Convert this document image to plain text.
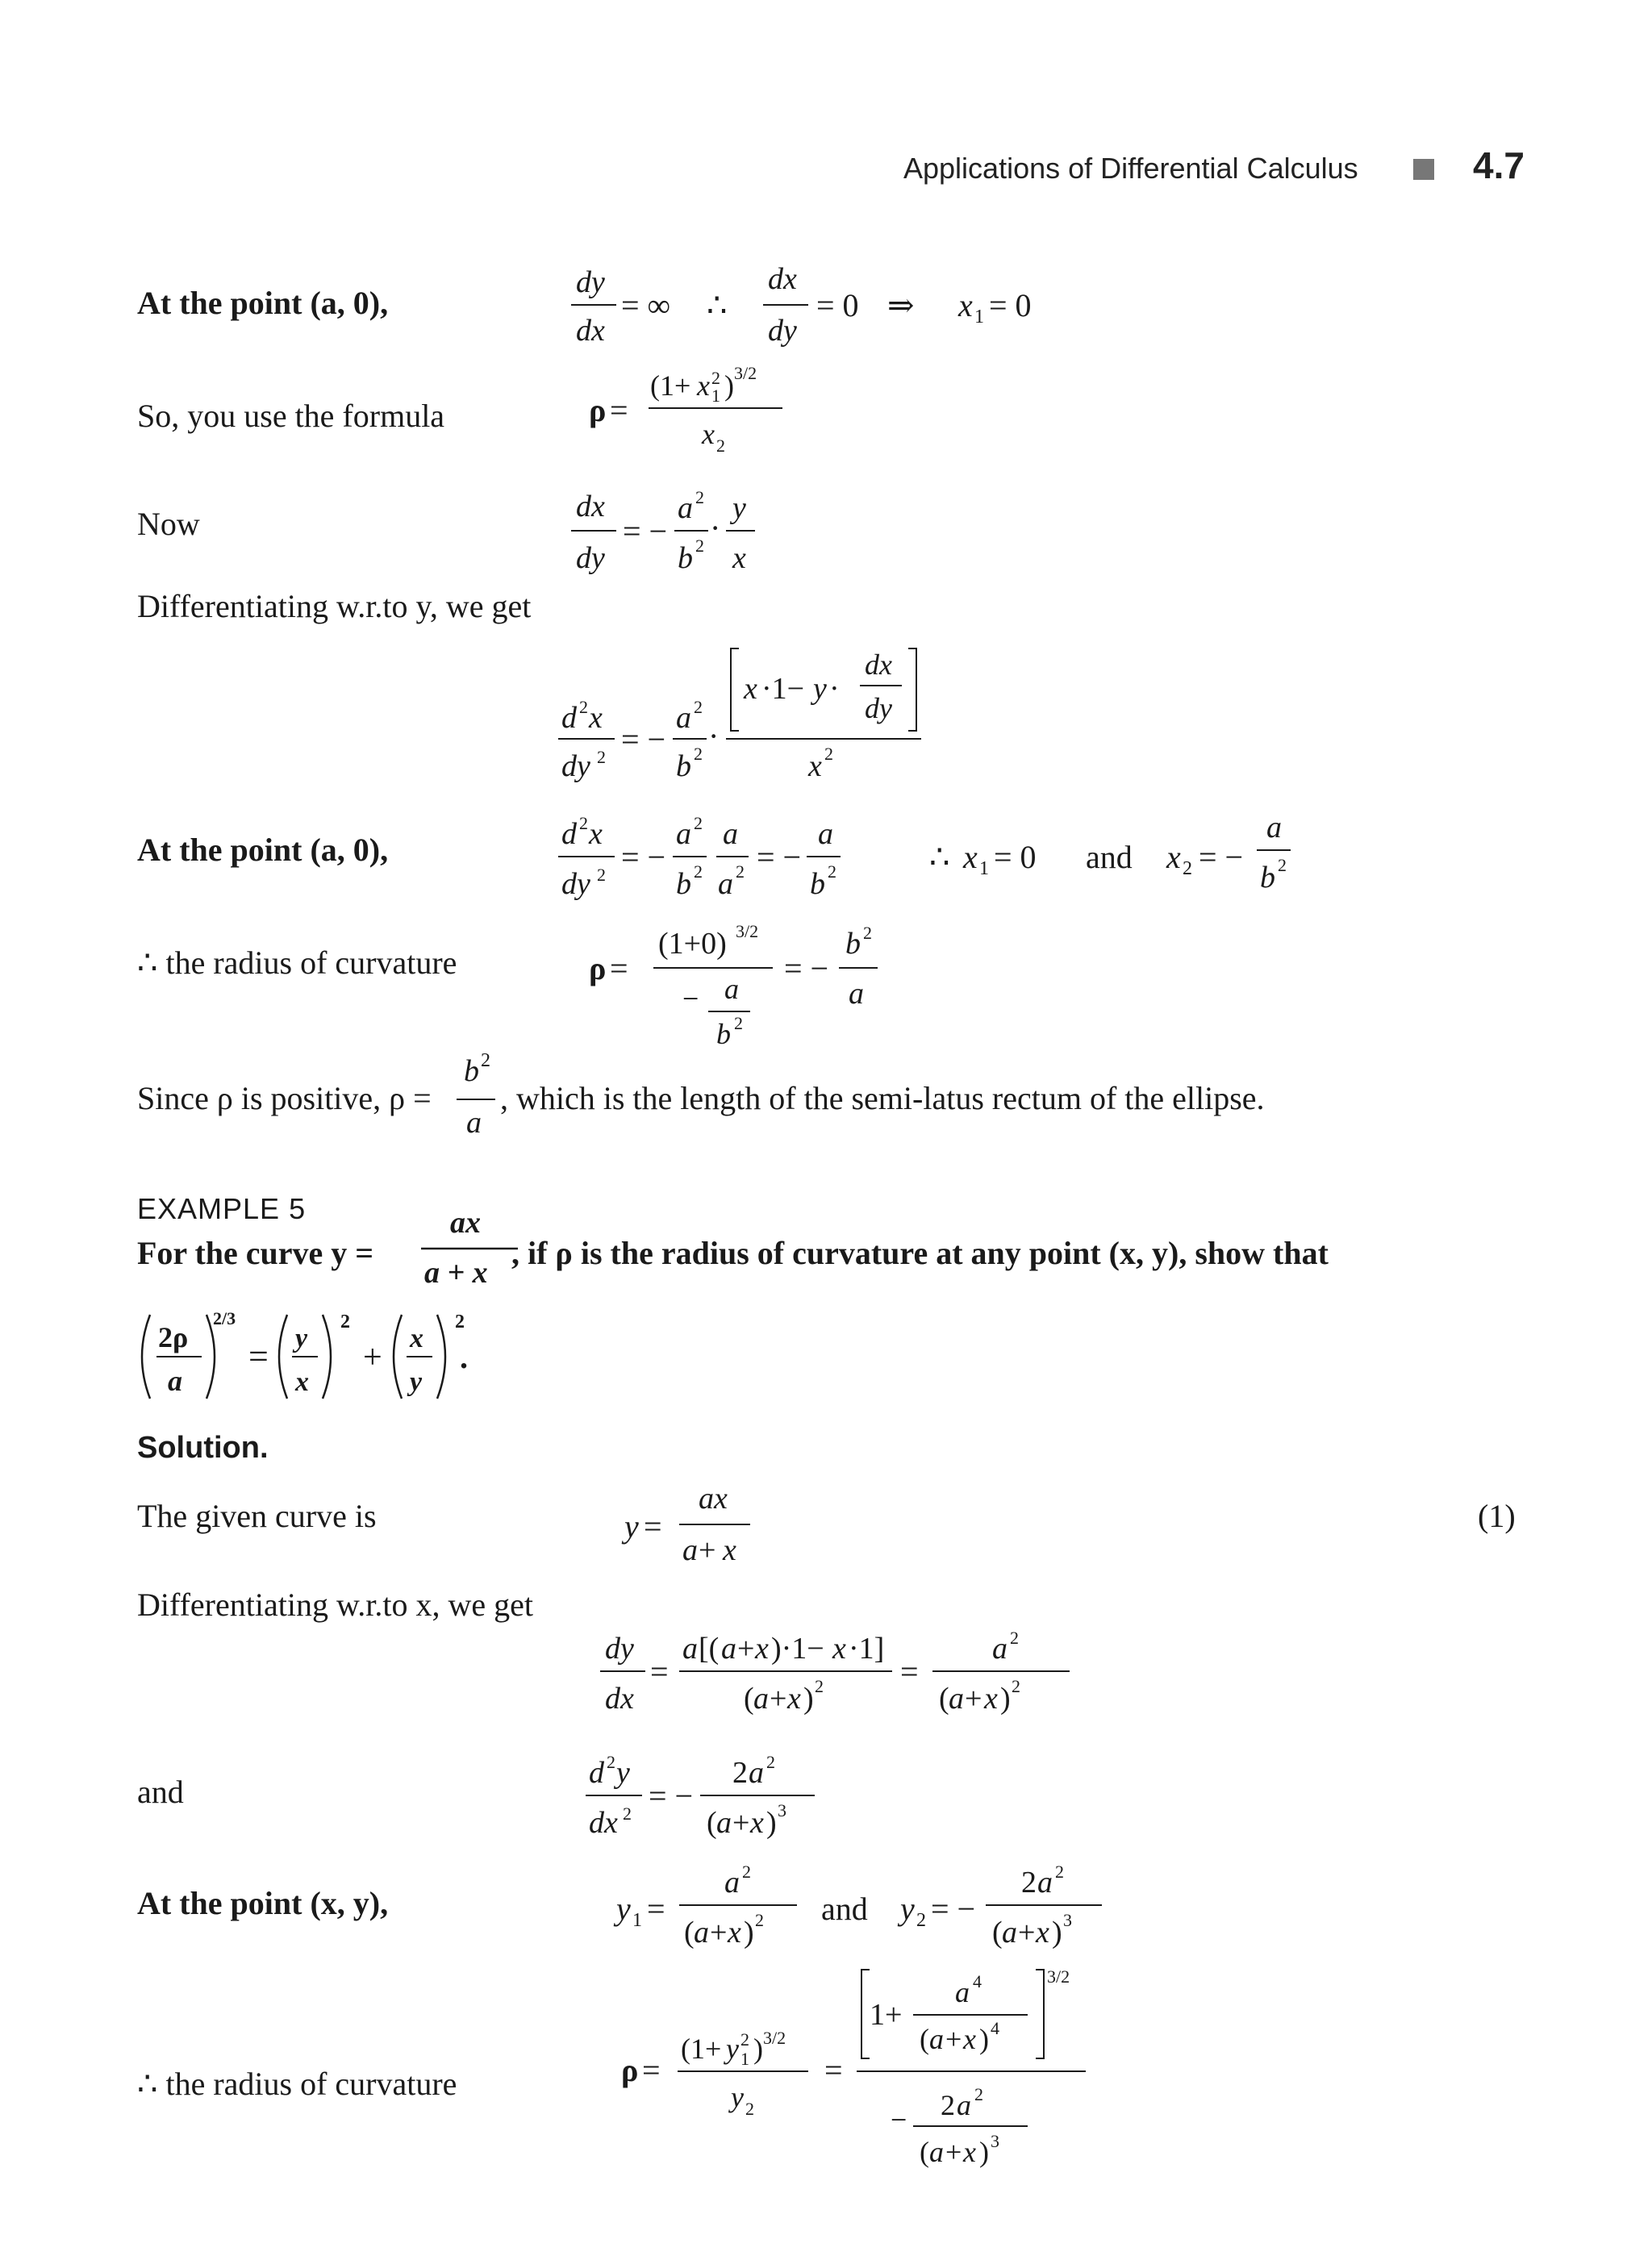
Applications of Differential Calculus	4.7
At the point (a, 0),
So, you use the formula
Now
Differentiating w.r.to y, we get
At the point (a, 0),
∴ the radius of curvature
Since ρ is positive, ρ =
b 2
a
, which is the length of the semi-latus rectum of the ellipse.
EXAMPLE 5
For the curve y =
ax
a + x
, if ρ is the radius of curvature at any point (x, y), show that
2ρ
a
2/3
= y
x
2
+
x
y
2
.
Solution.
The given curve is	(1)
Differentiating w.r.to x, we get
and
At the point (x, y),
∴ the radius of curvature
dy
dx
= ∞ ∴
dx
dy
= 0 ⇒ x 1 = 0
ρ =
(1+ x 2
1 ) 3/2
x 2
dx
dy
= −
a 2
b 2 ·
y
x
d 2 x
dy 2 = −
a 2
b 2 ·
x ·1− y ·
dx
dy
x 2
d 2 x
dy 2 = −
a 2
b 2
a
a 2 = −
a
b 2	∴ x 1 = 0 and x 2 = −
a
b 2
ρ =
(1+0) 3/2
− a
b 2
= −
b 2
a
y =
ax
a + x
dy
dx
=
a [( a + x )·1− x ·1]
( a + x ) 2 =
a 2
( a + x ) 2
d 2 y
dx 2 = −
2 a 2
( a + x ) 3
y 1 =
a 2
( a + x ) 2 and y 2 = −
2 a 2
( a + x ) 3
ρ =
(1+ y 2
1 ) 3/2
y 2
=
1+
a 4
( a + x ) 4
3/2
− 2 a 2
( a + x ) 3
